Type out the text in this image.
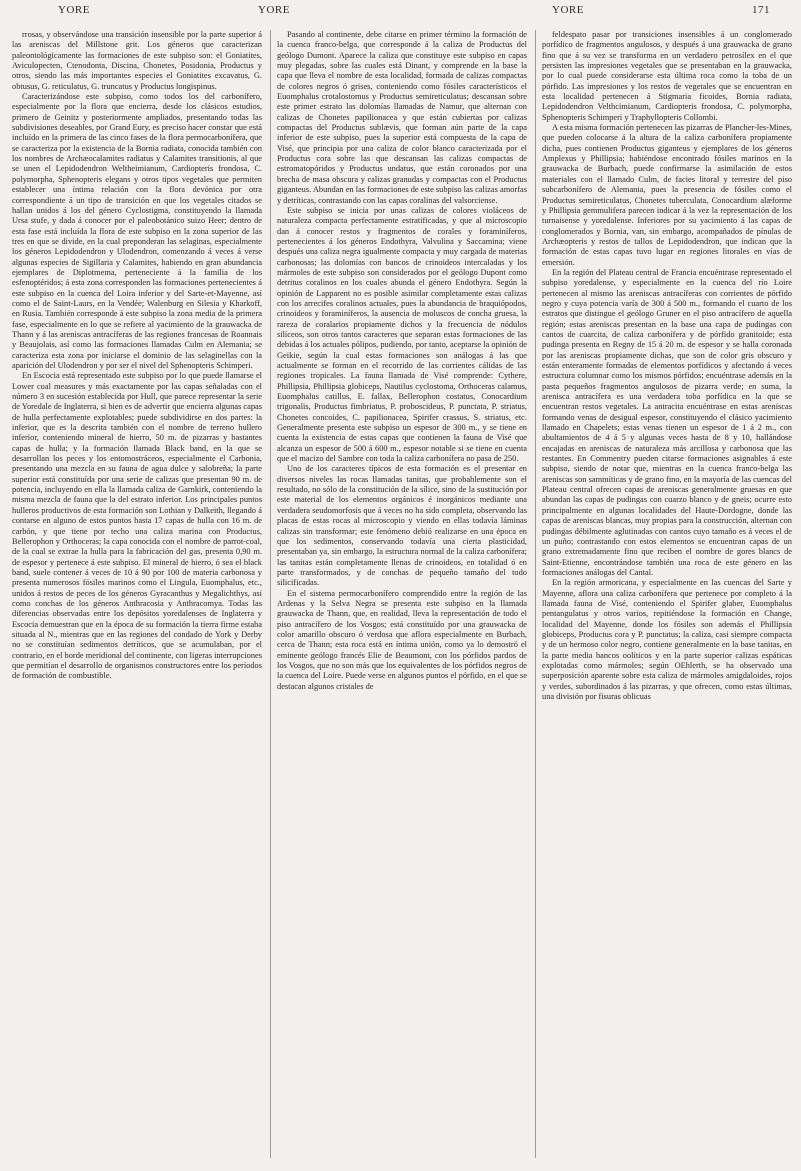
YORE	YORE	YORE	171

rrosas, y observándose una transición insensible por la parte superior á las areniscas del Millstone grit. Los géneros que caracterizan paleontológicamente las formaciones de este subpiso son: el Goniatites, Aviculopecten, Ctenodonta, Discina, Chonetes, Posidonia, Productus y otros, siendo las más importantes especies el Goniatites excavatus, G. obtusus, G. reticulatus, G. truncatus y Productus longispinus.

Caracterizándose este subpiso, como todos los del carbonífero, especialmente por la flora que encierra, desde los clásicos estudios, primero de Geinitz y posteriormente ampliados, presentando todas las subdivisiones deseables, por Grand Eury, es preciso hacer constar que está incluído en la primera de las cinco fases de la flora permocarbonífera, que se caracteriza por la existencia de la Bornia radiata, conocida también con los nombres de Archæocalamites radiatus y Calamites transitionis, al que se unen el Lepidodendron Weltheimianum, Cardiopteris frondosa, C. polymorpha, Sphenopteris elegans y otros tipos vegetales que permiten establecer una íntima relación con la flora devónica por otra correspondiente á un tipo de transición en que los vegetales citados se hallan unidos á los del género Cyclostigma, constituyendo la llamada Ursa stufe, y dada á conocer por el paleobotánico suizo Heer; dentro de esta fase está incluída la flora de este subpiso en la zona superior de las tres en que se divide, en la cual preponderan las selaginas, especialmente los géneros Lepidodendron y Ulodendron, comenzando á veces á verse algunas especies de Sigillaria y Calamites, habiendo en gran abundancia ejemplares de Diplotmema, perteneciente á la familia de los esfenoptéridos; á esta zona corresponden las formaciones pertenecientes á este subpiso en la cuenca del Loira inferior y del Sarte-et-Mayenne, así como el de Saint-Laurs, en la Vendée; Walenburg en Silesia y Kharkoff, en Rusia. También corresponde á este subpiso la zona media de la primera fase, especialmente en lo que se refiere al yacimiento de la grauwacka de Thann y á las areniscas antracíferas de las regiones francesas de Roannais y Beaujolais, así como las formaciones llamadas Culm en Alemania; se caracteriza esta zona por iniciarse el dominio de las selaginellas con la aparición del Ulodendron y por ser el nivel del Sphenopteris Schimperi.

En Escocia está representado este subpiso por lo que puede llamarse el Lower coal measures y más exactamente por las capas señaladas con el número 3 en sucesión establecida por Hull, que parece representar la serie de Yoredale de Inglaterra, si bien es de advertir que encierra algunas capas de hulla perfectamente explotables; puede subdividirse en dos partes: la inferior, que es la descrita también con el nombre de terreno hullero inferior, conteniendo mineral de hierro, 50 m. de pizarras y bastantes capas de hulla; y la formación llamada Black band, en la que se desarrollan los peces y los entomostráceos, especialmente el Carbonia, presentando una mezcla en su fauna de agua dulce y salobreña; la parte superior está constituída por una serie de calizas que presentan 90 m. de potencia, incluyendo en ella la llamada caliza de Garnkirk, conteniendo la misma mezcla de fauna que la del estrato inferior. Los principales puntos hulleros productivos de esta formación son Lothian y Dalkeith, llegando á contarse en alguno de estos puntos hasta 17 capas de hulla con 16 m. de carbón, y que tiene por techo una caliza marina con Productus, Bellerophon y Orthoceras; la capa conocida con el nombre de parrot-coal, de la cual se extrae la hulla para la fabricación del gas, presenta 0,90 m. de espesor y pertenece á este subpiso. El mineral de hierro, ó sea el black band, suele contener á veces de 10 á 90 por 100 de materia carbonosa y presenta numerosos fósiles marinos como el Lingula, Euomphalus, etc., unidos á restos de peces de los géneros Gyracanthus y Megalichthys, así como conchas de los géneros Anthracosia y Anthracomya. Todas las diferencias observadas entre los depósitos yoredalenses de Inglaterra y Escocia demuestran que en la época de su formación la tierra firme estaba situada al N., mientras que en las regiones del condado de York y Derby no se constituían sedimentos detríticos, que se acumulaban, por el contrario, en el borde meridional del continente, con ligeras interrupciones que permitían el desarrollo de organismos constructores entre los períodos de formación de combustible.

Pasando al continente, debe citarse en primer término la formación de la cuenca franco-belga, que corresponde á la caliza de Productus del geólogo Dumont. Aparece la caliza que constituye este subpiso en capas muy plegadas, sobre las cuales está Dinant, y comprende en la base la capa que lleva el nombre de esta localidad, formada de calizas compactas de colores negros ó grises, conteniendo como fósiles característicos el Euomphalus crotalostomus y Productus semireticulatus; descansan sobre este primer estrato las dolomías llamadas de Namur, que alternan con calizas de Chonetes papilionacea y que están cubiertas por calizas compactas del Productus sublævis, que forman aún parte de la capa inferior de este subpiso, pues la superior está compuesta de la capa de Visé, que principia por una caliza de color blanco caracterizada por el Productus cora sobre las que descansan las calizas compactas de estromatopóridos y Productus undatus, que están coronados por una brecha de masa obscura y calizas granudas y compactas con el Productus giganteus. Abundan en las formaciones de este subpiso las calizas amorfas y detríticas, contrastando con las capas coralinas del valsorciense.

Este subpiso se inicia por unas calizas de colores violáceos de naturaleza compacta perfectamente estratificadas, y que al microscopio dan á conocer restos y fragmentos de corales y foraminíferos, pertenecientes á los géneros Endothyra, Valvulina y Saccamina; viene después una caliza negra igualmente compacta y muy cargada de materias carbonosas; las dolomías con bancos de crinoideos intercaladas y los mármoles de este subpiso son considerados por el geólogo Dupont como detritus coralinos en los cuales abunda el género Endothyra. Según la opinión de Lapparent no es posible asimilar completamente estas calizas con los arrecifes coralinos actuales, pues la abundancia de braquiópodos, crinoideos y foraminíferos, la ausencia de moluscos de concha gruesa, la rareza de coralarios propiamente dichos y la frecuencia de nódulos silíceos, son otros tantos caracteres que separan estas formaciones de las debidas á los actuales pólipos, pudiendo, por tanto, aceptarse la opinión de Geikie, según la cual estas formaciones son análogas á las que actualmente se forman en el recorrido de las corrientes cálidas de las regiones tropicales. La fauna llamada de Visé comprende: Cythere, Phillipsia, Phillipsia globiceps, Nautilus cyclostoma, Orthoceras calamus, Euomphalus catillus, E. fallax, Bellerophon costatus, Conocardium trigonalis, Productus fimbriatus, P. proboscideus, P. punctata, P. striatus, Chonetes concoides, C. papilionacea, Spirifer crassus, S. striatus, etc. Generalmente presenta este subpiso un espesor de 300 m., y se tiene en cuenta la existencia de estas capas que contienen la fauna de Visé que alcanza un espesor de 500 á 600 m., espesor notable si se tiene en cuenta que el macizo del Sambre con toda la caliza carbonífera no pasa de 250.

Uno de los caracteres típicos de esta formación es el presentar en diversos niveles las rocas llamadas tanitas, que probablemente son el resultado, no sólo de la constitución de la sílice, sino de la sustitución por este material de los elementos orgánicos é inorgánicos mediante una verdadera seudomorfosis que á veces no ha sido completa, observando las placas de estas rocas al microscopio y viendo en ellas todavía láminas calizas sin transformar; este fenómeno debió realizarse en una época en que los sedimentos, conservando todavía una cierta plasticidad, presentaban ya, sin embargo, la estructura normal de la caliza carbonífera; las tanitas están completamente llenas de crinoideos, en totalidad ó en parte transformados, y de conchas de pequeño tamaño del todo silicificadas.

En el sistema permocarbonífero comprendido entre la región de las Ardenas y la Selva Negra se presenta este subpiso en la llamada grauwacka de Thann, que, en realidad, lleva la representación de todo el piso antracífero de los Vosgos; está constituído por una grauwacka de color amarillo obscuro ó verdosa que aflora especialmente en Burbach, cerca de Thann; esta roca está en íntima unión, como ya lo demostró el eminente geólogo francés Elie de Beaumont, con los pórfidos pardos de los Vosgos, que no son más que los equivalentes de los pórfidos negros de la cuenca del Loire. Puede verse en algunos puntos el pórfido, en el que se destacan algunos cristales de

feldespato pasar por transiciones insensibles á un conglomerado porfídico de fragmentos angulosos, y después á una grauwacka de grano fino que á su vez se transforma en un verdadero petrosílex en el que persisten las impresiones vegetales que se presentaban en la grauwacka, por lo cual puede considerarse esta última roca como la toba de un pórfido. Las impresiones y los restos de vegetales que se encuentran en esta localidad pertenecen á Stigmaria ficoides, Bornia radiata, Lepidodendron Velthcimianum, Cardiopteris frondosa, C. polymorpha, Sphenopteris Schimperi y Traphyllopteris Collombi.

A esta misma formación pertenecen las pizarras de Plancher-les-Mines, que pueden colocarse á la altura de la caliza carbonífera propiamente dicha, pues contienen Productus giganteus y ejemplares de los géneros Amplexus y Phillipsia; habiéndose encontrado fósiles marinos en la grauwacka de Burbach, puede confirmarse la asimilación de estos materiales con el llamado Culm, de facies litoral y terrestre del piso subcarbonífero de Alemania, pues la presencia de fósiles como el Productus semireticulatus, Chonetes tuberculata, Conocardium alæforme y Phillipsia gemmulifera parecen indicar á la vez la representación de los turnaisense y yoredalense. Inferiores por su yacimiento á las capas de conglomerados y Bornia, van, sin embargo, acompañados de pínulas de Archæopteris y restos de tallos de Lepidodendron, que indican que la formación de estas capas tuvo lugar en regiones litorales en vías de emersión.

En la región del Plateau central de Francia encuéntrase representado el subpiso yoredalense, y especialmente en la cuenca del río Loire pertenecen al mismo las areniscas antracíferas con corrientes de pórfido negro y cuya potencia varía de 300 á 500 m., formando el cuarto de los estratos que distingue el geólogo Gruner en el piso antracífero de aquella región; estas areniscas presentan en la base una capa de pudingas con cantos de cuarcita, de caliza carbonífera y de pórfido granitoide; esta pudinga presenta en Regny de 15 á 20 m. de espesor y se halla coronada por las areniscas propiamente dichas, que son de color gris obscuro y están enteramente formadas de elementos porfídicos y afectando á veces estructura columnar como los mismos pórfidos; encuéntrase además en la pasta pequeños fragmentos angulosos de pizarra verde; en suma, la arenisca antracífera es una verdadera toba porfídica en la que se encuentran restos vegetales. La antracita encuéntrase en estas areniscas formando venas de desigual espesor, constituyendo el clásico yacimiento llamado en Chapelets; estas venas tienen un espesor de 1 á 2 m., con abultamientos de 4 á 5 y algunas veces hasta de 8 y 10, hallándose encajadas en areniscas de naturaleza más arcillosa y carbonosa que las restantes. En Commentry pueden citarse formaciones asignables á este subpiso, siendo de notar que, mientras en la cuenca franco-belga las areniscas son sammíticas y de grano fino, en la mayoría de las cuencas del Plateau central ofrecen capas de areniscas generalmente gruesas en que abundan las capas de pudingas con cuarzo blanco y de gneis; ocurre esto principalmente en algunas localidades del Haute-Dordogne, donde las capas de areniscas blancas, muy propias para la construcción, alternan con pudingas débilmente aglutinadas con cantos cuyo tamaño es á veces el de un puño; contrastando con estos elementos se encuentran capas de un grano extremadamente fino que reciben el nombre de gores blancs de Saint-Etienne, encontrándose también una roca de este género en las formaciones análogas del Cantal.

En la región armoricana, y especialmente en las cuencas del Sarte y Mayenne, aflora una caliza carbonífera que pertenece por completo á la llamada fauna de Visé, conteniendo el Spirifer glaber, Euomphalus pentangulatus y otros varios, repitiéndose la formación en Change, localidad del Mayenne, donde los fósiles son además el Phillipsia globiceps, Productus cora y P. punctatus; la caliza, casi siempre compacta y de un hermoso color negro, contiene generalmente en la base tanitas, en la parte media bancos oolíticos y en la parte superior calizas espáticas explotadas como mármoles; según OEhlerth, se ha observado una superposición aparente sobre esta caliza de mármoles amigdaloides, rojos y verdes, subordinados á las pizarras, y que ofrecen, como estas últimas, una división por fisuras oblicuas
